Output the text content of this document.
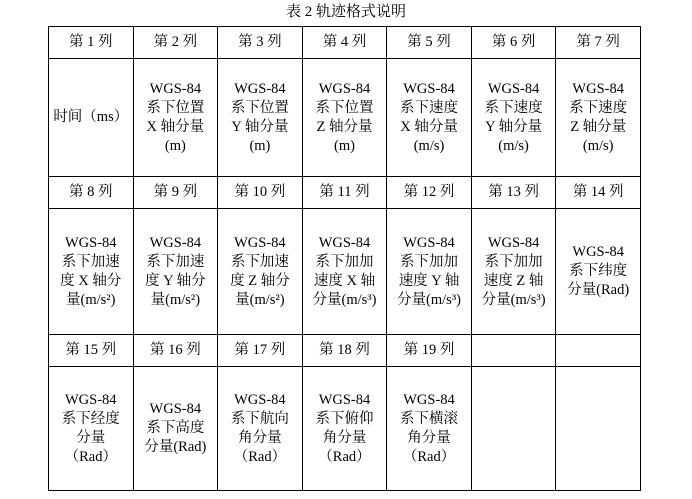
表 2 轨迹格式说明
第 1 列	第 2 列	第 3 列	第 4 列	第 5 列	第 6 列	第 7 列
时间（ms）	WGS-84
系下位置
X 轴分量
(m)	WGS-84
系下位置
Y 轴分量
(m)	WGS-84
系下位置
Z 轴分量
(m)	WGS-84
系下速度
X 轴分量
(m/s)	WGS-84
系下速度
Y 轴分量
(m/s)	WGS-84
系下速度
Z 轴分量
(m/s)
第 8 列	第 9 列	第 10 列	第 11 列	第 12 列	第 13 列	第 14 列
WGS-84
系下加速
度 X 轴分
量(m/s²)	WGS-84
系下加速
度 Y 轴分
量(m/s²)	WGS-84
系下加速
度 Z 轴分
量(m/s²)	WGS-84
系下加加
速度 X 轴
分量(m/s³)	WGS-84
系下加加
速度 Y 轴
分量(m/s³)	WGS-84
系下加加
速度 Z 轴
分量(m/s³)	WGS-84
系下纬度
分量(Rad)
第 15 列	第 16 列	第 17 列	第 18 列	第 19 列		
WGS-84
系下经度
分量
（Rad）	WGS-84
系下高度
分量(Rad)	WGS-84
系下航向
角分量
（Rad）	WGS-84
系下俯仰
角分量
（Rad）	WGS-84
系下横滚
角分量
（Rad）		
